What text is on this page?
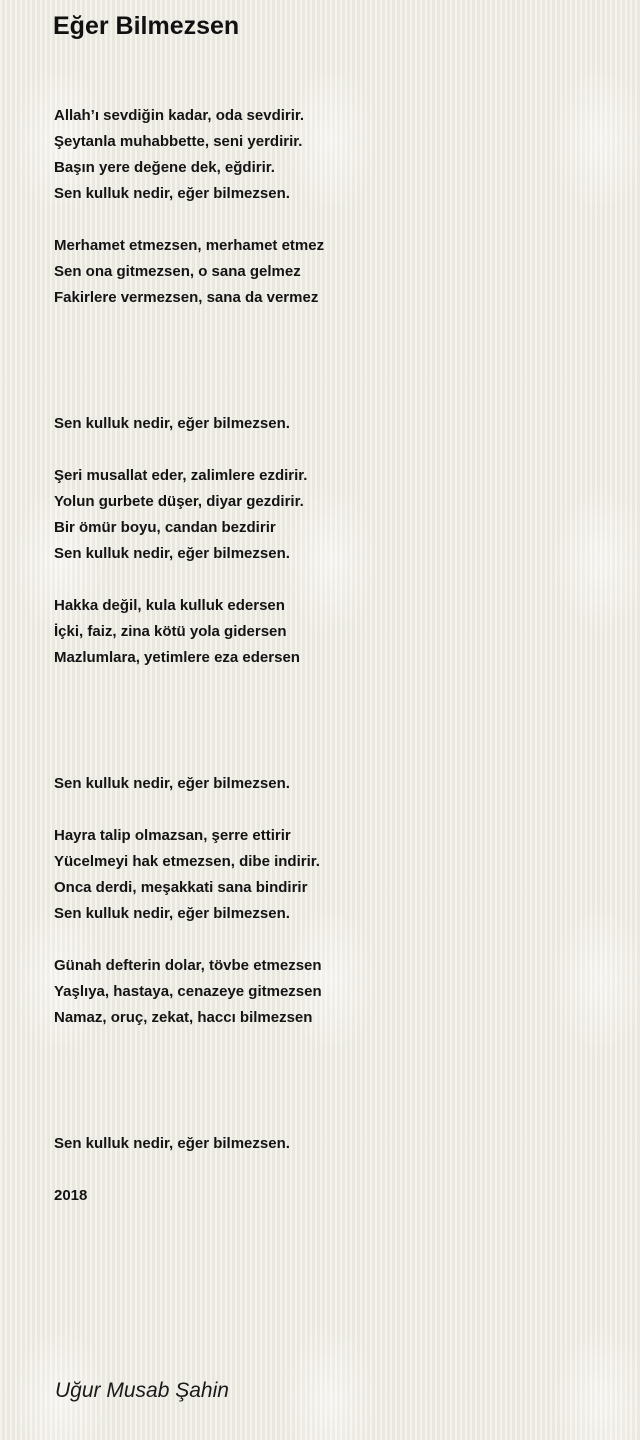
Eğer Bilmezsen

Allah’ı sevdiğin kadar, oda sevdirir.

Şeytanla muhabbette, seni yerdirir.

Başın yere değene dek, eğdirir.

Sen kulluk nedir, eğer bilmezsen.

Merhamet etmezsen, merhamet etmez

Sen ona gitmezsen, o sana gelmez

Fakirlere vermezsen, sana da vermez

Sen kulluk nedir, eğer bilmezsen.

Şeri musallat eder, zalimlere ezdirir.

Yolun gurbete düşer, diyar gezdirir.

Bir ömür boyu, candan bezdirir

Sen kulluk nedir, eğer bilmezsen.

Hakka değil, kula kulluk edersen

İçki, faiz, zina kötü yola gidersen

Mazlumlara, yetimlere eza edersen

Sen kulluk nedir, eğer bilmezsen.

Hayra talip olmazsan, şerre ettirir

Yücelmeyi hak etmezsen, dibe indirir.

Onca derdi, meşakkati sana bindirir

Sen kulluk nedir, eğer bilmezsen.

Günah defterin dolar, tövbe etmezsen

Yaşlıya, hastaya, cenazeye gitmezsen

Namaz, oruç, zekat, haccı bilmezsen

Sen kulluk nedir, eğer bilmezsen.

2018

Uğur Musab Şahin
